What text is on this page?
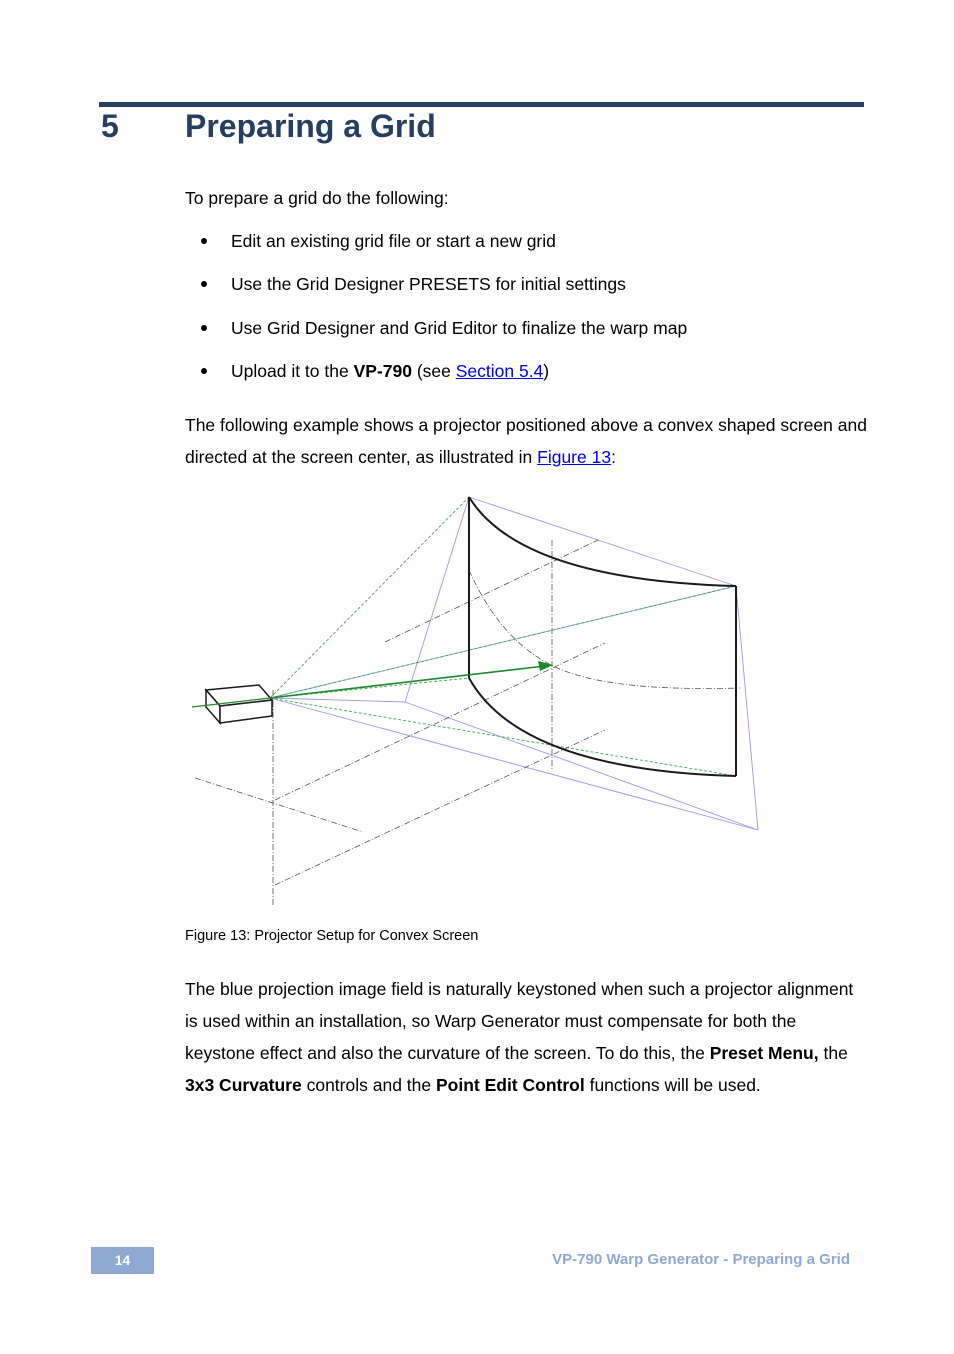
5 Preparing a Grid

To prepare a grid do the following:

Edit an existing grid file or start a new grid
Use the Grid Designer PRESETS for initial settings
Use Grid Designer and Grid Editor to finalize the warp map
Upload it to the VP-790 (see Section 5.4)

The following example shows a projector positioned above a convex shaped screen and directed at the screen center, as illustrated in Figure 13:

Figure 13: Projector Setup for Convex Screen

The blue projection image field is naturally keystoned when such a projector alignment is used within an installation, so Warp Generator must compensate for both the keystone effect and also the curvature of the screen. To do this, the Preset Menu, the 3x3 Curvature controls and the Point Edit Control functions will be used.

14	VP-790 Warp Generator - Preparing a Grid
